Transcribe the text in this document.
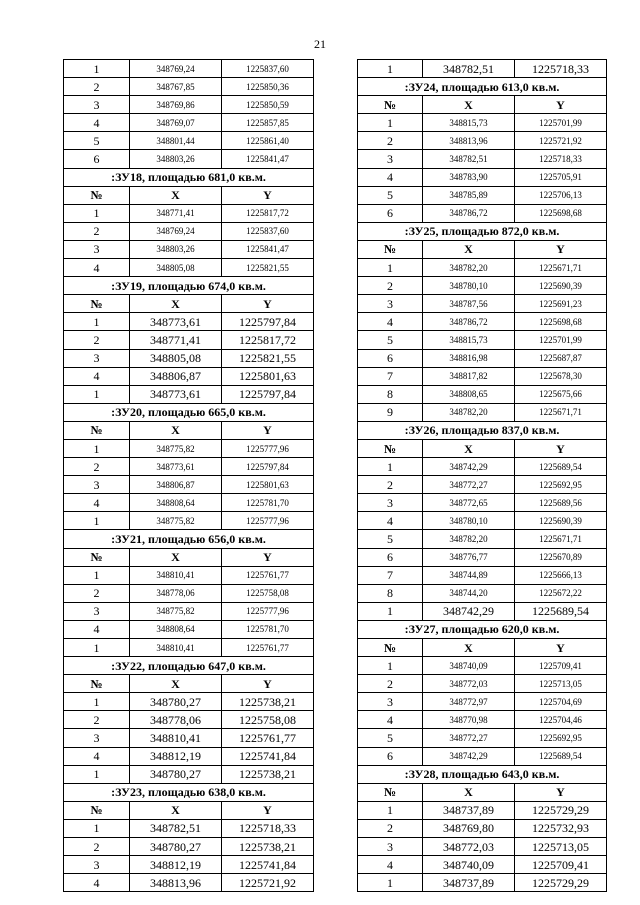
21
1	348769,24	1225837,60
2	348767,85	1225850,36
3	348769,86	1225850,59
4	348769,07	1225857,85
5	348801,44	1225861,40
6	348803,26	1225841,47
:ЗУ18, площадью 681,0 кв.м.		
№	X	Y
1	348771,41	1225817,72
2	348769,24	1225837,60
3	348803,26	1225841,47
4	348805,08	1225821,55
:ЗУ19, площадью 674,0 кв.м.		
№	X	Y
1	348773,61	1225797,84
2	348771,41	1225817,72
3	348805,08	1225821,55
4	348806,87	1225801,63
1	348773,61	1225797,84
:ЗУ20, площадью 665,0 кв.м.		
№	X	Y
1	348775,82	1225777,96
2	348773,61	1225797,84
3	348806,87	1225801,63
4	348808,64	1225781,70
1	348775,82	1225777,96
:ЗУ21, площадью 656,0 кв.м.		
№	X	Y
1	348810,41	1225761,77
2	348778,06	1225758,08
3	348775,82	1225777,96
4	348808,64	1225781,70
1	348810,41	1225761,77
:ЗУ22, площадью 647,0 кв.м.		
№	X	Y
1	348780,27	1225738,21
2	348778,06	1225758,08
3	348810,41	1225761,77
4	348812,19	1225741,84
1	348780,27	1225738,21
:ЗУ23, площадью 638,0 кв.м.		
№	X	Y
1	348782,51	1225718,33
2	348780,27	1225738,21
3	348812,19	1225741,84
4	348813,96	1225721,92
1	348782,51	1225718,33
:ЗУ24, площадью 613,0 кв.м.		
№	X	Y
1	348815,73	1225701,99
2	348813,96	1225721,92
3	348782,51	1225718,33
4	348783,90	1225705,91
5	348785,89	1225706,13
6	348786,72	1225698,68
:ЗУ25, площадью 872,0 кв.м.		
№	X	Y
1	348782,20	1225671,71
2	348780,10	1225690,39
3	348787,56	1225691,23
4	348786,72	1225698,68
5	348815,73	1225701,99
6	348816,98	1225687,87
7	348817,82	1225678,30
8	348808,65	1225675,66
9	348782,20	1225671,71
:ЗУ26, площадью 837,0 кв.м.		
№	X	Y
1	348742,29	1225689,54
2	348772,27	1225692,95
3	348772,65	1225689,56
4	348780,10	1225690,39
5	348782,20	1225671,71
6	348776,77	1225670,89
7	348744,89	1225666,13
8	348744,20	1225672,22
1	348742,29	1225689,54
:ЗУ27, площадью 620,0 кв.м.		
№	X	Y
1	348740,09	1225709,41
2	348772,03	1225713,05
3	348772,97	1225704,69
4	348770,98	1225704,46
5	348772,27	1225692,95
6	348742,29	1225689,54
:ЗУ28, площадью 643,0 кв.м.		
№	X	Y
1	348737,89	1225729,29
2	348769,80	1225732,93
3	348772,03	1225713,05
4	348740,09	1225709,41
1	348737,89	1225729,29
